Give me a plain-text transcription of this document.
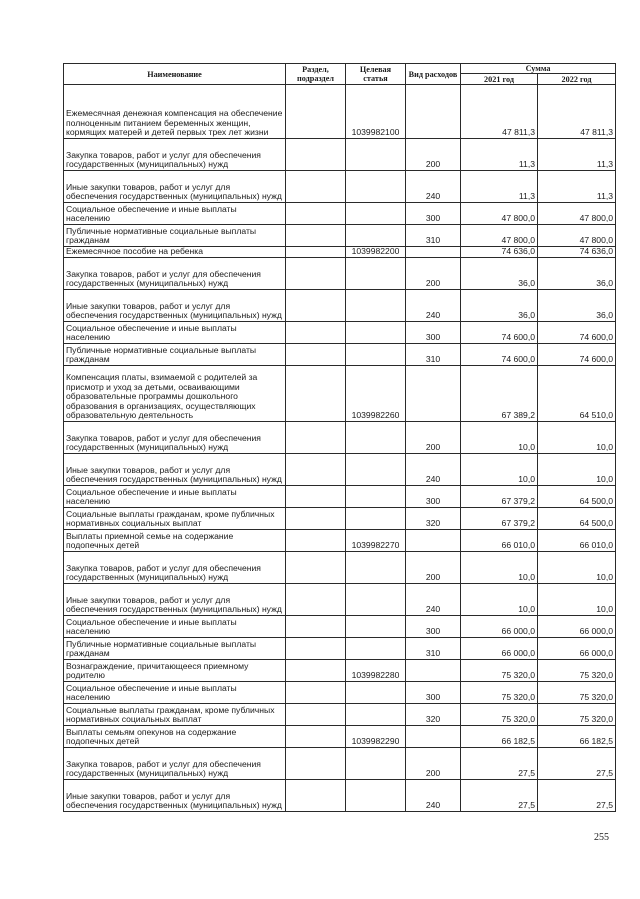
Наименование	Раздел, подраздел	Целевая статья	Вид расходов	Сумма	
				2021 год	2022 год
Ежемесячная денежная компенсация на обеспечение полноценным питанием беременных женщин, кормящих матерей и детей первых трех лет жизни		1039982100		47 811,3	47 811,3
Закупка товаров, работ и услуг для обеспечения государственных (муниципальных) нужд			200	11,3	11,3
Иные закупки товаров, работ и услуг для обеспечения государственных (муниципальных) нужд			240	11,3	11,3
Социальное обеспечение и иные выплаты населению			300	47 800,0	47 800,0
Публичные нормативные социальные выплаты гражданам			310	47 800,0	47 800,0
Ежемесячное пособие на ребенка		1039982200		74 636,0	74 636,0
Закупка товаров, работ и услуг для обеспечения государственных (муниципальных) нужд			200	36,0	36,0
Иные закупки товаров, работ и услуг для обеспечения государственных (муниципальных) нужд			240	36,0	36,0
Социальное обеспечение и иные выплаты населению			300	74 600,0	74 600,0
Публичные нормативные социальные выплаты гражданам			310	74 600,0	74 600,0
Компенсация платы, взимаемой с родителей за присмотр и уход за детьми, осваивающими образовательные программы дошкольного образования в организациях, осуществляющих образовательную деятельность		1039982260		67 389,2	64 510,0
Закупка товаров, работ и услуг для обеспечения государственных (муниципальных) нужд			200	10,0	10,0
Иные закупки товаров, работ и услуг для обеспечения государственных (муниципальных) нужд			240	10,0	10,0
Социальное обеспечение и иные выплаты населению			300	67 379,2	64 500,0
Социальные выплаты гражданам, кроме публичных нормативных социальных выплат			320	67 379,2	64 500,0
Выплаты приемной семье на содержание подопечных детей		1039982270		66 010,0	66 010,0
Закупка товаров, работ и услуг для обеспечения государственных (муниципальных) нужд			200	10,0	10,0
Иные закупки товаров, работ и услуг для обеспечения государственных (муниципальных) нужд			240	10,0	10,0
Социальное обеспечение и иные выплаты населению			300	66 000,0	66 000,0
Публичные нормативные социальные выплаты гражданам			310	66 000,0	66 000,0
Вознаграждение, причитающееся приемному родителю		1039982280		75 320,0	75 320,0
Социальное обеспечение и иные выплаты населению			300	75 320,0	75 320,0
Социальные выплаты гражданам, кроме публичных нормативных социальных выплат			320	75 320,0	75 320,0
Выплаты семьям опекунов на содержание подопечных детей		1039982290		66 182,5	66 182,5
Закупка товаров, работ и услуг для обеспечения государственных (муниципальных) нужд			200	27,5	27,5
Иные закупки товаров, работ и услуг для обеспечения государственных (муниципальных) нужд			240	27,5	27,5
255
